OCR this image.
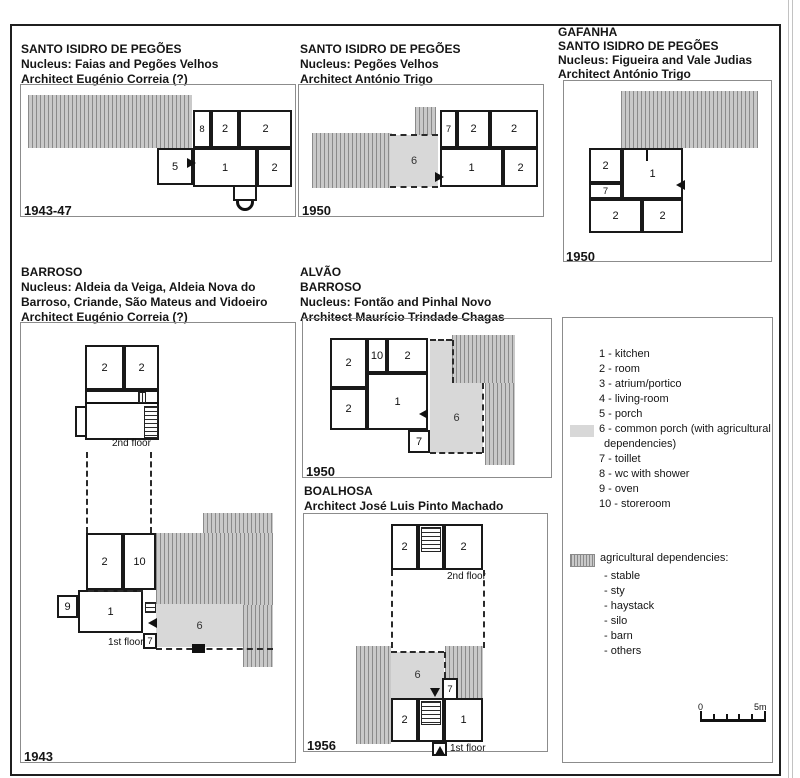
SANTO ISIDRO DE PEGÕES
Nucleus: Faias and Pegões Velhos
Architect Eugénio Correia (?)
8	2	2
5	1	2
1943-47
SANTO ISIDRO DE PEGÕES
Nucleus: Pegões Velhos
Architect António Trigo
6
7	2	2
1	2
1950
GAFANHA
SANTO ISIDRO DE PEGÕES
Nucleus: Figueira and Vale Judias
Architect António Trigo
2
1
7
2	2
1950
BARROSO
Nucleus: Aldeia da Veiga, Aldeia Nova do
Barroso, Criande, São Mateus and Vidoeiro
Architect Eugénio Correia (?)
2	2
2nd floor
6
2	10
1
9
7
1st floor
1943
ALVÃO
BARROSO
Nucleus: Fontão and Pinhal Novo
Architect Maurício Trindade Chagas
6
2
10	2
2
1
7
1950
BOALHOSA
Architect José Luis Pinto Machado
2	2
2nd floor
6
7
2	1
1st floor
1956
1 - kitchen
2 - room
3 - atrium/portico
4 - living-room
5 - porch
6 - common porch (with agricultural
dependencies)
7 - toillet
8 - wc with shower
9 - oven
10 - storeroom
agricultural dependencies:
- stable
- sty
- haystack
- silo
- barn
- others
0	5m
